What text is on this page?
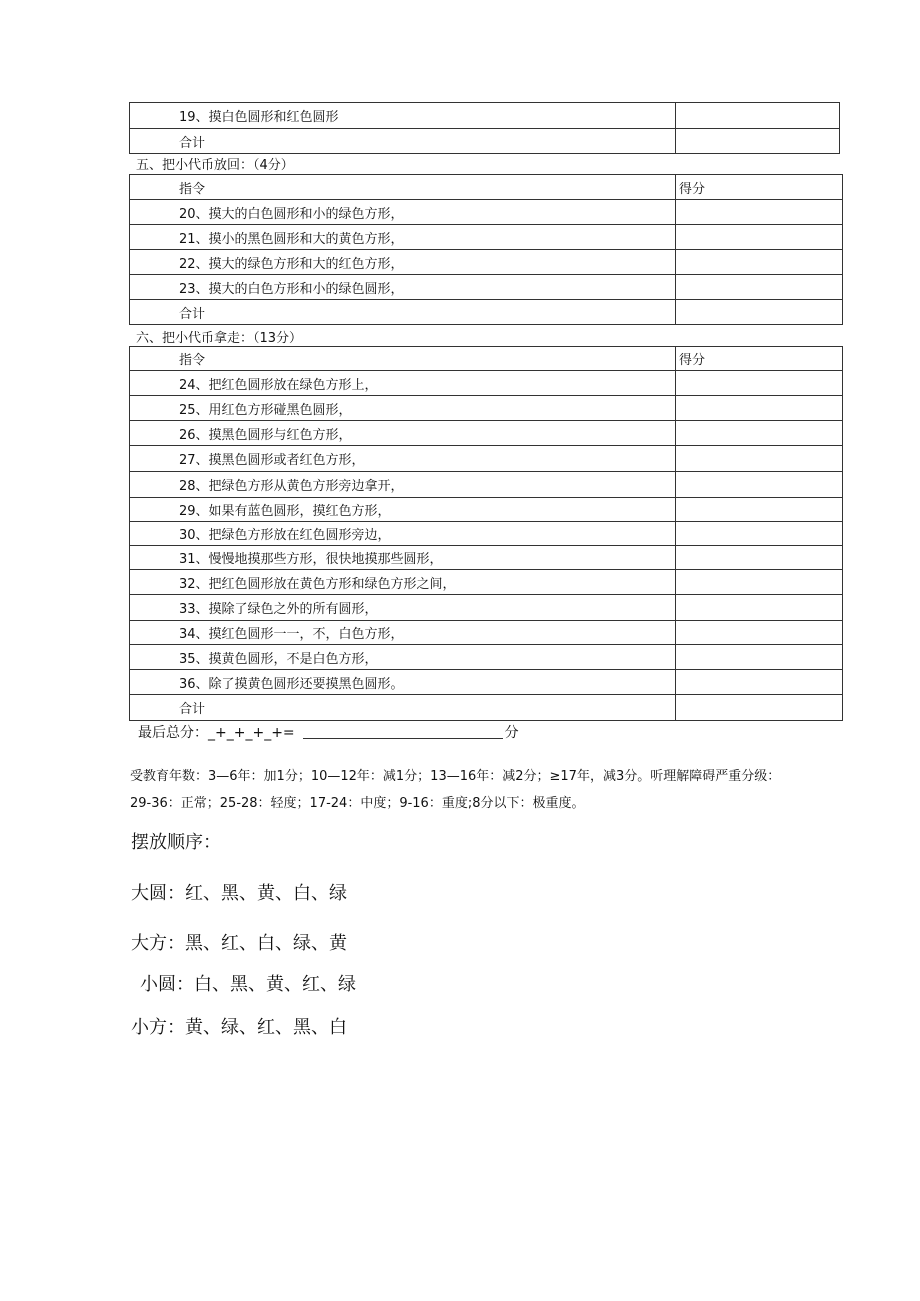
19、摸白色圆形和红色圆形	
合计	
五、把小代币放回：（4分）
指令	得分
20、摸大的白色圆形和小的绿色方形，	
21、摸小的黑色圆形和大的黄色方形，	
22、摸大的绿色方形和大的红色方形，	
23、摸大的白色方形和小的绿色圆形，	
合计	
六、把小代币拿走：（13分）
指令	得分
24、把红色圆形放在绿色方形上，	
25、用红色方形碰黑色圆形，	
26、摸黑色圆形与红色方形，	
27、摸黑色圆形或者红色方形，	
28、把绿色方形从黄色方形旁边拿开，	
29、如果有蓝色圆形，摸红色方形，	
30、把绿色方形放在红色圆形旁边，	
31、慢慢地摸那些方形，很快地摸那些圆形，	
32、把红色圆形放在黄色方形和绿色方形之间，	
33、摸除了绿色之外的所有圆形，	
34、摸红色圆形一一，不，白色方形，	
35、摸黄色圆形，不是白色方形，	
36、除了摸黄色圆形还要摸黑色圆形。	
合计	
最后总分：_+_+_+_+=	分
受教育年数：3—6年：加1分；10—12年：减1分；13—16年：减2分；≥17年，减3分。听理解障碍严重分级：29-36：正常；25-28：轻度；17-24：中度；9-16：重度;8分以下：极重度。
摆放顺序：
大圆：红、黑、黄、白、绿
大方：黑、红、白、绿、黄
小圆：白、黑、黄、红、绿
小方：黄、绿、红、黑、白
